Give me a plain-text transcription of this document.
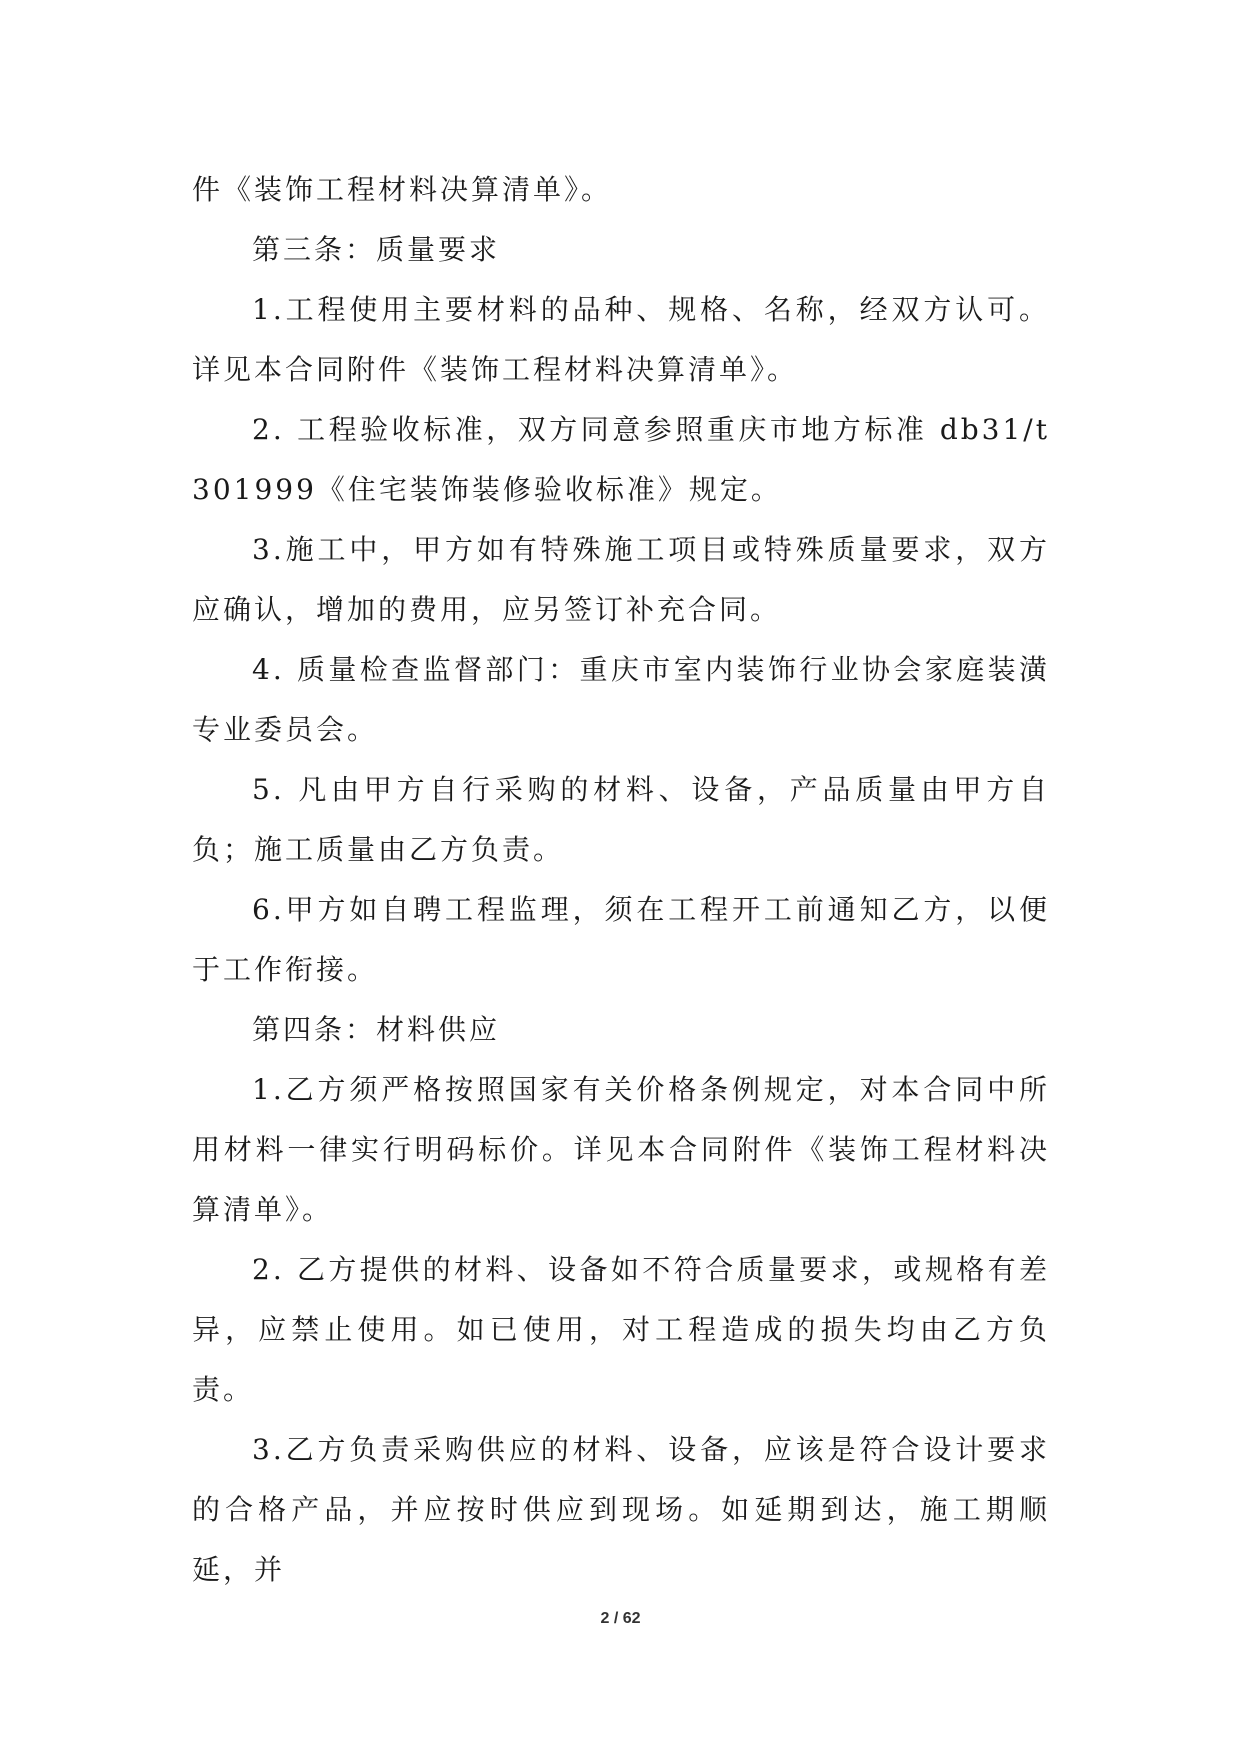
件《装饰工程材料决算清单》。

第三条：质量要求

1.工程使用主要材料的品种、规格、名称，经双方认可。详见本合同附件《装饰工程材料决算清单》。

2. 工程验收标准，双方同意参照重庆市地方标准 db31/t301999《住宅装饰装修验收标准》规定。

3.施工中，甲方如有特殊施工项目或特殊质量要求，双方应确认，增加的费用，应另签订补充合同。

4. 质量检查监督部门：重庆市室内装饰行业协会家庭装潢专业委员会。

5. 凡由甲方自行采购的材料、设备，产品质量由甲方自负；施工质量由乙方负责。

6.甲方如自聘工程监理，须在工程开工前通知乙方，以便于工作衔接。

第四条：材料供应

1.乙方须严格按照国家有关价格条例规定，对本合同中所用材料一律实行明码标价。详见本合同附件《装饰工程材料决算清单》。

2. 乙方提供的材料、设备如不符合质量要求，或规格有差异，应禁止使用。如已使用，对工程造成的损失均由乙方负责。

3.乙方负责采购供应的材料、设备，应该是符合设计要求的合格产品，并应按时供应到现场。如延期到达，施工期顺延，并

2 / 62
